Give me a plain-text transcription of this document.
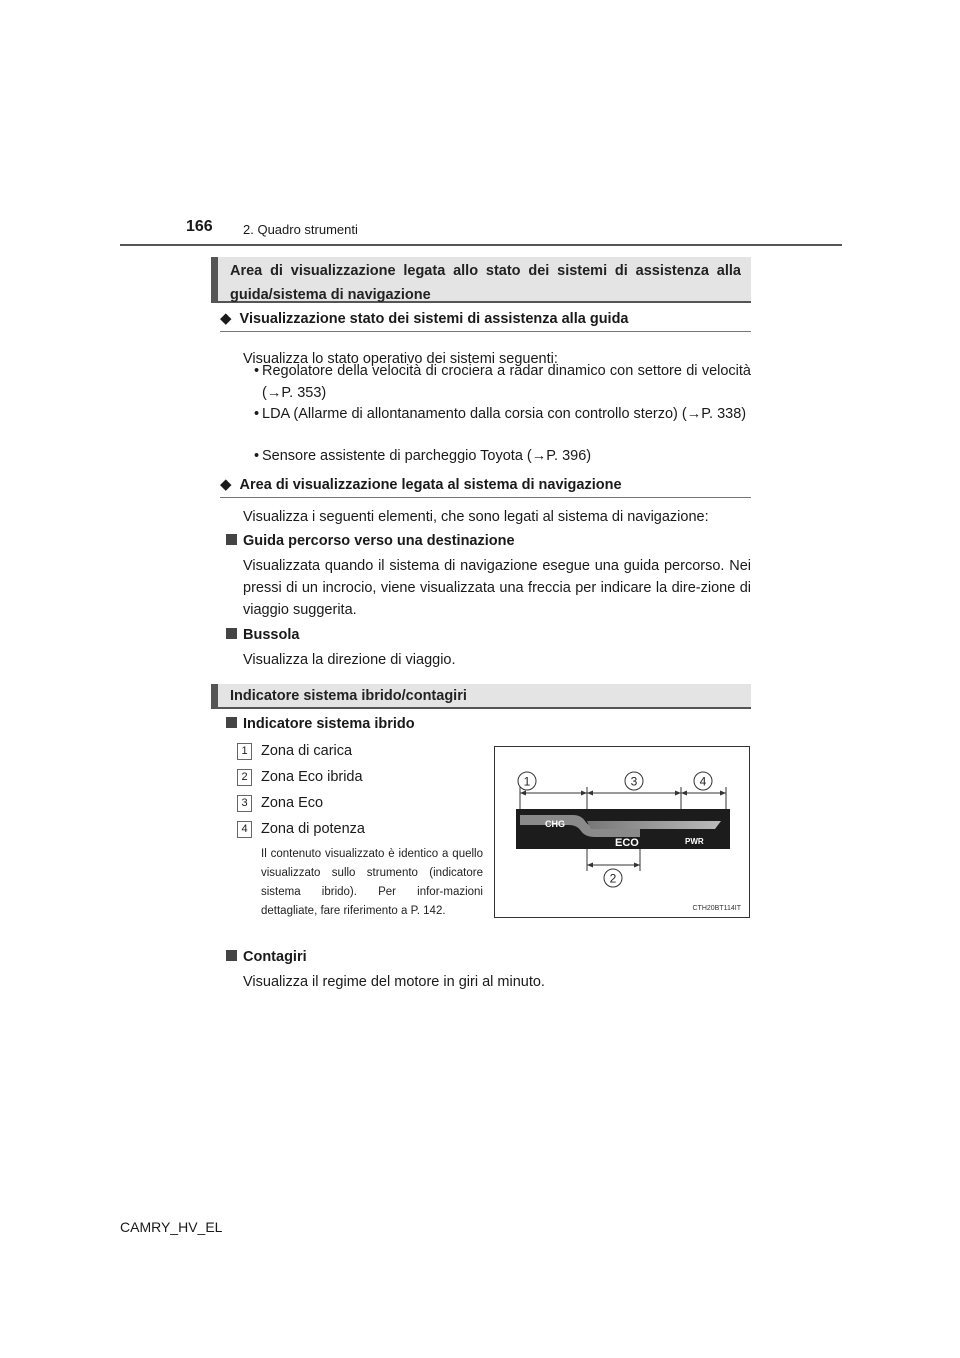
166 2. Quadro strumenti
Area di visualizzazione legata allo stato dei sistemi di assistenza alla
guida/sistema di navigazione
◆ Visualizzazione stato dei sistemi di assistenza alla guida
Visualizza lo stato operativo dei sistemi seguenti:
• Regolatore della velocità di crociera a radar dinamico con settore di velocità (→P. 353)
• LDA (Allarme di allontanamento dalla corsia con controllo sterzo) (→P. 338)
• Sensore assistente di parcheggio Toyota (→P. 396)
◆ Area di visualizzazione legata al sistema di navigazione
Visualizza i seguenti elementi, che sono legati al sistema di navigazione:
Guida percorso verso una destinazione
Visualizzata quando il sistema di navigazione esegue una guida percorso. Nei pressi di un incrocio, viene visualizzata una freccia per indicare la dire-zione di viaggio suggerita.
Bussola
Visualizza la direzione di viaggio.
Indicatore sistema ibrido/contagiri
Indicatore sistema ibrido
1 Zona di carica
2 Zona Eco ibrida
3 Zona Eco
4 Zona di potenza
Il contenuto visualizzato è identico a quello visualizzato sullo strumento (indicatore sistema ibrido). Per infor-mazioni dettagliate, fare riferimento a P. 142.
CHG
ECO	PWR
1	3	4
2
CTH20BT114IT
Contagiri
Visualizza il regime del motore in giri al minuto.
CAMRY_HV_EL
